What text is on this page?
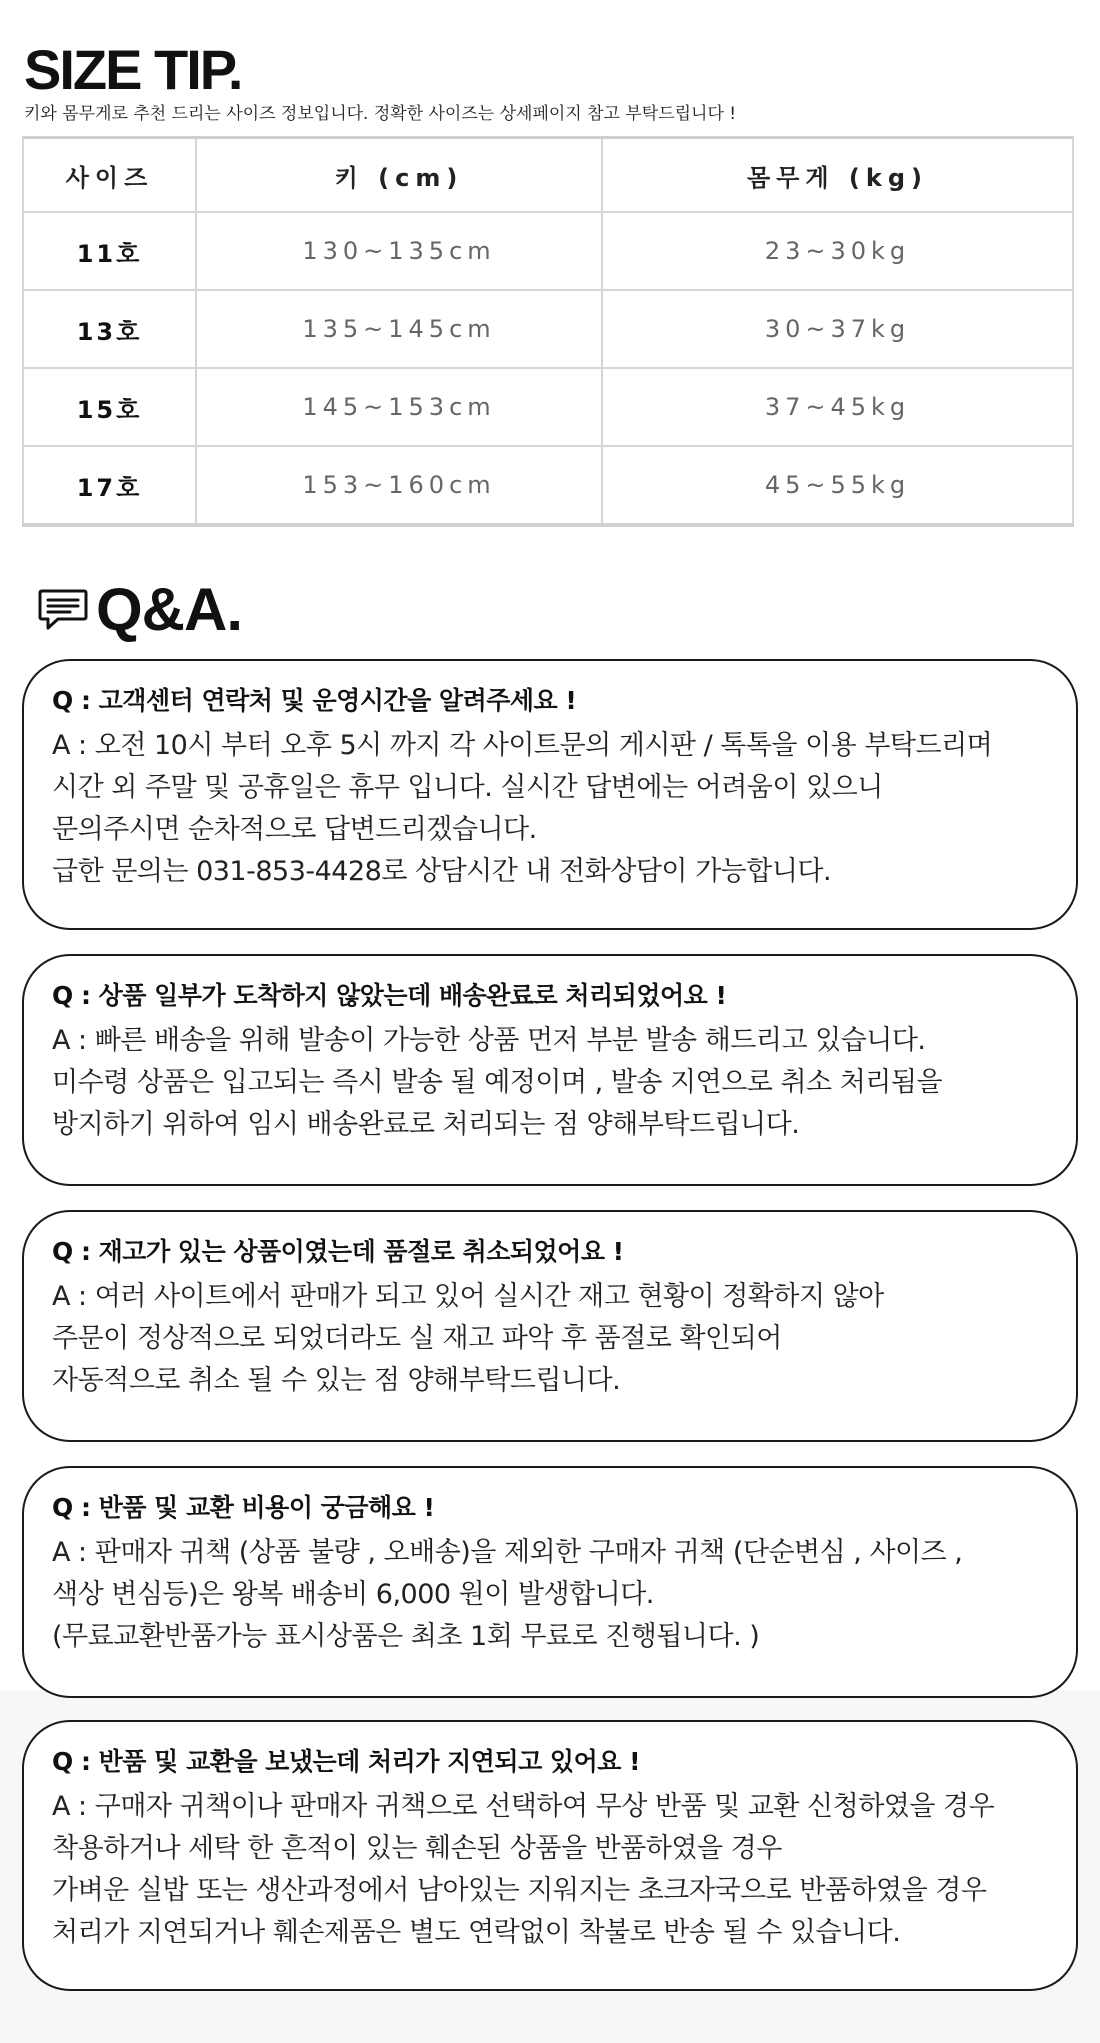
SIZE TIP.
키와 몸무게로 추천 드리는 사이즈 정보입니다. 정확한 사이즈는 상세페이지 참고 부탁드립니다 !
사이즈	키 (cm)	몸무게 (kg)
11호	130~135cm	23~30kg
13호	135~145cm	30~37kg
15호	145~153cm	37~45kg
17호	153~160cm	45~55kg
Q&A.
Q : 고객센터 연락처 및 운영시간을 알려주세요 !
A : 오전 10시 부터 오후 5시 까지 각 사이트문의 게시판 / 톡톡을 이용 부탁드리며
시간 외 주말 및 공휴일은 휴무 입니다. 실시간 답변에는 어려움이 있으니
문의주시면 순차적으로 답변드리겠습니다.
급한 문의는 031-853-4428로 상담시간 내 전화상담이 가능합니다.
Q : 상품 일부가 도착하지 않았는데 배송완료로 처리되었어요 !
A : 빠른 배송을 위해 발송이 가능한 상품 먼저 부분 발송 해드리고 있습니다.
미수령 상품은 입고되는 즉시 발송 될 예정이며 , 발송 지연으로 취소 처리됨을
방지하기 위하여 임시 배송완료로 처리되는 점 양해부탁드립니다.
Q : 재고가 있는 상품이였는데 품절로 취소되었어요 !
A : 여러 사이트에서 판매가 되고 있어 실시간 재고 현황이 정확하지 않아
주문이 정상적으로 되었더라도 실 재고 파악 후 품절로 확인되어
자동적으로 취소 될 수 있는 점 양해부탁드립니다.
Q : 반품 및 교환 비용이 궁금해요 !
A : 판매자 귀책 (상품 불량 , 오배송)을 제외한 구매자 귀책 (단순변심 , 사이즈 ,
색상 변심등)은 왕복 배송비 6,000 원이 발생합니다.
(무료교환반품가능 표시상품은 최초 1회 무료로 진행됩니다. )
Q : 반품 및 교환을 보냈는데 처리가 지연되고 있어요 !
A : 구매자 귀책이나 판매자 귀책으로 선택하여 무상 반품 및 교환 신청하였을 경우
착용하거나 세탁 한 흔적이 있는 훼손된 상품을 반품하였을 경우
가벼운 실밥 또는 생산과정에서 남아있는 지워지는 초크자국으로 반품하였을 경우
처리가 지연되거나 훼손제품은 별도 연락없이 착불로 반송 될 수 있습니다.
